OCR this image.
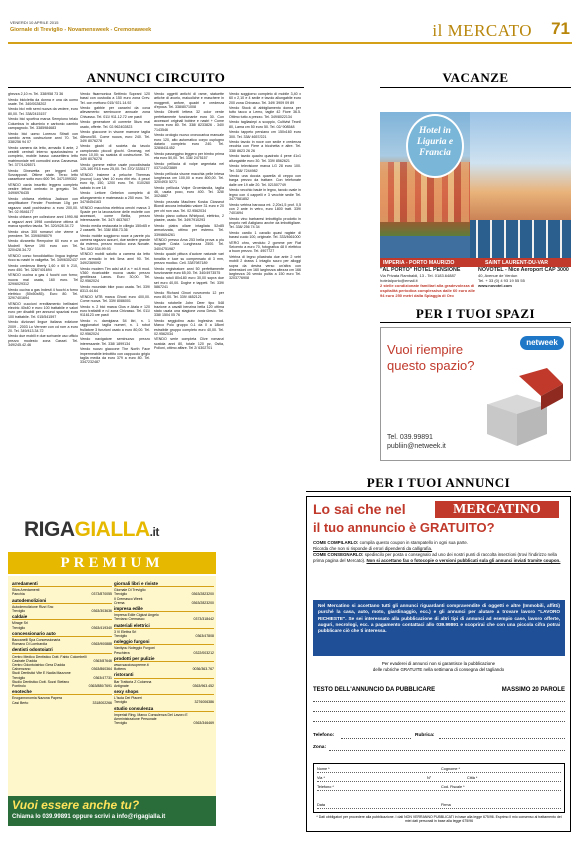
VENERDI 10 APRILE 2015
Giornale di Treviglio - Novamensweek - Cremonaweek	il MERCATO 71
ANNUNCI CIRCUITO	VACANZE

ghezza 2,10 m. Tel. 338/958 73 36

Vendo bicicletta da donna e una da uomo usate. Tel. 340/0028202

Vendo bici mtb semi nuova da vedere, euro 80,00. Tel. 338/2415157

Vendo bici sportiva marca Sempiono telaio Columbus in alluminio e carbonio cambio campagnolo. Tel. 3385984683

Vendo bici uomo Lorenzo Stirati con cambio arms costruzione anni 70. Tel. 338/256 94 07

Vendo camera da letto, armadio 6 ante, 2 cestelli centrali interno spaziosissimo e completo, mobile basso cassettiera letto matrimoniale reti comodini zona Canavesa. Tel. 377/1426571

Vendo Dinewetta per leggeri Lefti Sovrapposti. Ottime state. Terzo letto cassettone sotto euro 600 Tel. 3471099302

VENDO cavia inscritto leggero completo vestire lettoni ombrato in gregato. Tel. 349/6976435

Vendo chitarra elettrica Jackson con amplificatore Fender Frontman 10g per ragazzo usati pochissimo a euro 200,00. Tel. 02.9546177

Vendo chitarra per collezione anni 1990-98 a ragazzi anni 1998 condizione ottima di marca sportivo tavola. Tel. 320/428.34.72

Vendo circa 300 romanzi che vieme a prendere. Tel. 339/6098079

Vendo divanetto Rempoine 60 euro e un Modrell Nerve 190 euro con Tel. 320/428.34.72

VENDO corso fonodidattico lingua inglese ricco su nastri in valigetta. Tel. 349/6302437

Vendo credenza liberty 1,60 x 60 h 210, euro 450. Tel. 328/7401694

VENDO cucina a gas 4 fuochi con forno; nuova mai usata, 160 euro. Tel 329/6029312

Vendo cucina a gas Indesit 4 fuochi a forno elettrico (50x50x85). Euro 80. Tel. 329/7401694

VENDO cuccioni ereditamento bellissimi electric 40x40 e euro 100 trattabile e valori euro per disabili per annunci spaziosi euro 100 trattabile. Tel. 015/541597

Vendo dizionari lingue italiana edizione 2009 - 2003 Lo Vernner con cd rom a euro 20. Tel. 349/413.34.72

Vendo due mobili e due scrivanie uso ufficio prezzo modesto zona Cassei. Tel. 349/245.42.46

Vendo fisarmonica Settimio Soprani 120 bassi con custodia a 150 euro zona Crev. Tel. con mettono 015/ 921.14.92

Vendo gabbie per canarini da cova allevamento seminuove annuale zona Chivasso. Tel. 011/ 911.12.72 ore pasti

Vendo generatore di corrente 5kva mai usato, offerte. Tel. 02.962402823

Vendo giaccone in visone marrone taglia 48euro/50. Come nuova, euro 240. Tel. 349/ 8076278

Vendo giochi di societa da tavolo campionato piccoli giochi. Geomag, nel euro 10,00; su scatola di costruzione. Tel. 349/ 8076278

Vendo gomme estive usate pocodistrada 125-160 R15 euro 25,00. Tel. 370/ 3335177

VENDO insieme a peluche Thermas (nuovo) Lucy Vani 10 euro ritiri etc. 4 pezzi euro tip, 150, 1200 euro. Tel. 010/260 sabato in ore 18

Vendo Lettore Gebelon completo di allungamento e materassio a 250 euro. Tel. 347/8454163

VENDO macchina elettrica cerchi marca 3 Spade per la lavorazione delle mulette con accessori, come Bellia, prezzo interessante. Tel. 347/ 4637607

Vendo media restaurata in ciliegio 150x65 e 2 cassetti. Tel. 338/ 858.73.36

Vendo mobile soggiorno noce a parete piu camera ragazzo azzurri, due sedere grande da esterno, prezzo modico zona Novate. Tel. 340/ 534.99.93

VENDO mobili salotto a camera da letto con armadio in tek 5ma anni 90. Tel. 349/2369092

Vendo modem Tim adsl wi-fi a + wi-fi mod. V360 ricaricabile nuova usato prezzo gentilezza Lanos. Euro 30,00. Tel. 02.9562024

Vendo mountain bike poco usata. Tel. 339/ 8313.44.64

VENDO MTB marca Ghost euro 400,00. Come nuova. Tel. 339/ 8086001

Vendo n. 2 bici marca Gios e Atala e 120 euro trattabili e n.l zona Chivasso. Tel. 011/ 9116123 ore pasti

Vendo n. damigiana 54 litri, n. 1 raggionaturi taglia numeri, n. 1 robot frullatore 3 funzioni usato a euro 80,00. Tel. 02.9562024

Vendo navigatore seminuovo prezzo interessante. Tel. 338/ 1899134

Vendo nuovo giaccone The North Face impermeabile imbottito con cappuccio grigio taglia media da euro 379 a euro 80. Tel. 3347232487

Vendo oggetti antichi di rame, statuette artiche di avorio, maiuoliche e maschere in moggenti, anfore, quadri e credenza d'epoca. Tel. 338/8071008

Vendo Olivetti lettera 32 color verde perfettamente funzionante euro 30. Con accessori originali bobine e nastri + Come nuova euro 80. Tel. 338/ 8233826 - 340/ 7143546

Vendo orologio nuovo cronocarica manuale euro 120, alto automatico corpo cuplugno datario completo euro 240. Tel. 328/8411452

Vendo passeggino leggero per bimbo prima eta euro 50,00. Tel. 338/ 2475157

Vendo pelliccia di volpe argentata nel 0371/4023889

Vendo pelliccia visone macchia pelle intesa lunghezza cm 100,00 a euro 800,00. Tel. 320/493/ 5271

Vendo pelliccia Volpe Groenlandia, taglia 46, usata poco, euro 400. Tel. 328/ 3024887

Vendo pezzata Maulinex Koska Closseut Blondi ancora imballato valore 31 euro e 20 per chi non usa. Tel. 02.9562034

Vendo piano cottura Whirlpool, elettrico, 2 piastre, usato. Tel. 349/7910293

Vendo piatra ollare intagliata 52x85 armorizzata, ottimo per esterno. Tel. 339/8654261

VENDO presso Ama 253 bella prova a piu tsugate Costa Lunghezza 2500. Tel. 340/4751987

Vendo quadri pittura d'autore naturale vari tonalita e luce su compensato di 3 mm, prezzo modico. Cell. 3387987189

Vendo registratore anni 50 perfettamente funzionante euro 65,00. Tel. 340/4973575

Vendo rotoli 80x180 euro 30,00 sopra due set euro 40,00. Doghe e tappeti. Tel. 339/ 5867241

Vendo Richard Ginori novecento 12 per euro 80,00. Tel. 339/ 4652121

Vendo rotobelle John Deer tipo 548 trazione a cavalli benzina bella 120 ottima stato usata una stagione zona Desio. Tel. 338/ 1504 05 76

Vendo seggiolino auto Inglesina mod. Marco Polo gruppo 0-1 da 0 a 18kml estraibile gruppo completo euro 40,00. Tel. 02.9562034

VENDO serie completa Clive romanzi scatola anni 80, totale 120 pz, Ostia, Polloni, ottimo affare. Tel 2/ 6302701

Vendo soggiorno completo di mobile 3,40 x 60 x 2,10 e 4 sedie e tavolo allungabile euro 200 zona Chivasso. Tel. 349/ 3909 09 89

Vendo Stock di abbigliamento donna per tutto tacco a Lemo, taglie 42 Fiore 36.5. Ottimo tutto a prezzo. Tel. 349/8022134

Vendo tagliasiepi a scoppio, Cultivist Tecnil 80, Lama cm 50 euro 50. Tel. 02/ 908548

Vendo tappeto persiano cm 150x160 euro 300. Tel. 338/ 4657/221

Vendo tavolo in noce con sedie e credenza vecchia con Fiere a bicchetta e altre. Tel. 338/ 8623 26 26

Vendo tavolo quadro quadrato 4 pene 41x1 allungabile euro 30. Tel. 339/ 8562621

Vendo televisione marca LG 28 euro 100. Tel. 338/ 7244982

Vendo una doccia quarella di ceppo con barga prezzo da trattare. Con telefonate dalle ore 19 alle 20. Tel. 021507749

Vendo vecchio baule in legno, tavolo ovale in legno con 4 cappelli e 3 vecchie sedie Tel. 3477581852

Vendo vetrina barocca mt. 2,20x1,5 prof. 0,5 con 2 ante in vetro, euro 1800 tratt. 339/ 7401694

Vendo vino barbaresi imbottiglio prodotto in proprio nell Astigiano anche da imbottigliare. Tel. 338/ 256 74 34

Vendo cardio 1 cavallo quasi ragiste di barasi cuoio 100, originale. Tel. 333/4661000

VERO ohro, venduto 2 gomme per Fiat Seicento a euro 70, fotografica 48 II elettrico a buon prezzo. Tel. 4907727

Vetrina di legno pilastrata due ante 2 vetri mobili 2 draws 1 intaglio scuro per alloggi sopra da destra verso un'altra con dimensioni cm 160 larghezza altezza cm 166 larghezza 26 vendo pulita a 150 euro Tel. 3203776908

Hotel in Liguria e Francia
IMPERIA - PORTO MAURIZIO	SAINT LAURENT-DU-VAR
"AL PORTO" HOTEL PENSIONE
Via Privata Rambaldi, 13 - Tel. 0183.64887
hotelalporto@email.it
2 stelle condizionate familiari alla gradevolezza di ospitalità periodica complessiva dalle 60 euro alle 94 euro 250 metri dalla Spiaggia di Oro
NOVOTEL - Nice Aeroport CAP 3000
40, Avenue de Verdun
Tel. + 33 (0) 4 93 19 55 55
www.novotel.com
PER I TUOI SPAZI
Vuoi riempire
questo spazio?
netweek
Tel. 039.99891
publiin@netweek.it
PER I TUOI ANNUNCI
Lo sai che nel	MERCATINO
il tuo annuncio è GRATUITO?
COME COMPILARLO: compila questo coupon in stampatello in ogni sua parte.
Ricorda che non si risponde di errori dipendenti da calligrafia.
COME CONSEGNARLO: spediscilo per posta o consegnalo ad uno dei nostri punti di raccolta inserzioni (trovi l'indirizzo nella prima pagina del Mercato). Non si accettano fax o fotocopie o versioni pubblicati sula gli annunci inviati tramite coupon.
Nel Mercatino si accettano tutti gli annunci riguardanti compravendite di oggetti e altre (Immobili, affitti) purché la casa, auto, moto, giardinaggio, ecc.) e gli annunci per alutare a trovare lavoro "LAVORO RICHIESTE". Se sei interessato alla pubblicazione di altri tipi di annunci ad esempio case, lavoro offerte, auguri, necrologi, ecc. a pagamento contattaci allo 039.99891 e scoprirai che con una piccola cifra potrai pubblicare ciò che ti interessa.
Per evaderei di annunci non si garantisce la pubblicazione
delle rubriche GRATUITE nella settimana di consegna del tagliando
TESTO DELL'ANNUNCIO DA PUBBLICARE	MASSIMO 20 PAROLE
Telefono:	Rubrica:
Zona:
Nome *	Cognome *
Via *	N°	Città *
Telefono *	Cod. Fiscale *
Data	Firma
* Dati obbligatori per procedere alla pubblicazione. I dati NON VERRANNO PUBBLICATI in base alla legge 675/96. Esprimo il mio consenso al trattamento dei miei dati personali in base alla legge 675/96
RIGAGIALLA.it
PREMIUM
arredamenti
Silva Arredamenti
Panchia	0373/870055
autodemolizioni
Autodemolizione Rizzi Snc
Treviglio	0363/303636
caldaie
Mirage Srl
Treviglio	0363/419340
concessionario auto
Baccanelli Spa Concessionaria
Romano Di Lombardia	0363/900888
dentisti odontoiatri
Centro Medico Dentistico Dott. Fabio Colombelli
Casirate D'adda	0363/87646
Centro Odontoiatrico Gera D'adda
Calvenzano	0363/860364
Studi Dentistici Vite E Nadia Mazzone
Treviglio	0363/47731
Studio Dentistico Dott. Sozzi Stefano
Pontirolo	0363/880/7691
enoteche
Enoganronomia Nazona Papera
Casi Berto	3318002266
giornali libri e riviste
Giornale Di Treviglio
Treviglio	0363/2823200
Il Cremasco Week
Crema	0363/2823200
impresa edile
Impresa Edile Ciglust Angelo
Treviano Cremasco	0373/318442
materiali elettrici
3 Vi Elettra Srl
Treviglio	0363/47808
noleggio furgoni
Vanityou Noleggio Furgoni
Peschiera	0322/003212
prodotti per pulizie
www.sacciosupreme.it
Bottens	0036/363.767
ristoranti
Bar Trattoria Z Colomna
Antignate	0363/963.452
sexy shops
L'Isola Dei Piaceri
Treviglio	3276006386
studio consulenza
Imperiali Ring. Marco Consulenza Del Lavoro E Amministrazione Personale
Treviglio	0363/346469
Vuoi essere anche tu?
Chiama lo 039.99891 oppure scrivi a info@rigagialla.it
